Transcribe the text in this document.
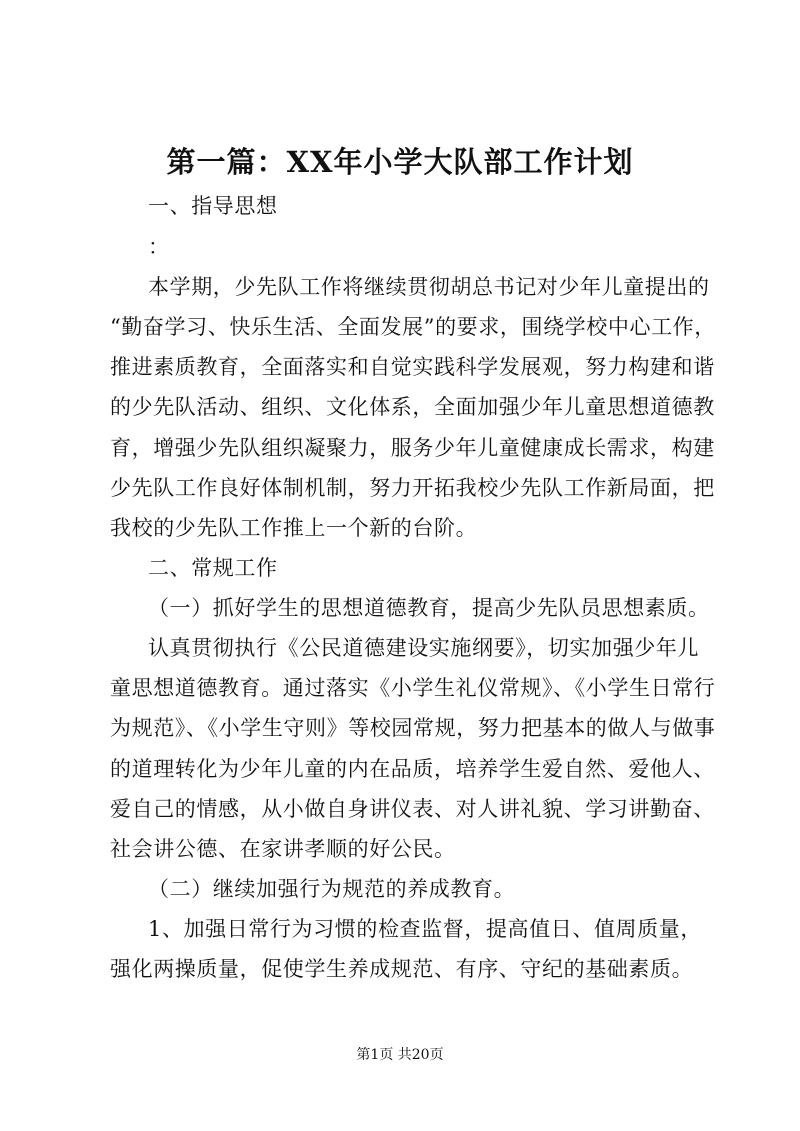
第一篇：XX年小学大队部工作计划
一、指导思想
：
本学期，少先队工作将继续贯彻胡总书记对少年儿童提出的
“勤奋学习、快乐生活、全面发展”的要求，围绕学校中心工作，
推进素质教育，全面落实和自觉实践科学发展观，努力构建和谐
的少先队活动、组织、文化体系，全面加强少年儿童思想道德教
育，增强少先队组织凝聚力，服务少年儿童健康成长需求，构建
少先队工作良好体制机制，努力开拓我校少先队工作新局面，把
我校的少先队工作推上一个新的台阶。
二、常规工作
（一）抓好学生的思想道德教育，提高少先队员思想素质。
认真贯彻执行《公民道德建设实施纲要》，切实加强少年儿
童思想道德教育。通过落实《小学生礼仪常规》、《小学生日常行
为规范》、《小学生守则》等校园常规，努力把基本的做人与做事
的道理转化为少年儿童的内在品质，培养学生爱自然、爱他人、
爱自己的情感，从小做自身讲仪表、对人讲礼貌、学习讲勤奋、
社会讲公德、在家讲孝顺的好公民。
（二）继续加强行为规范的养成教育。
1、加强日常行为习惯的检查监督，提高值日、值周质量，
强化两操质量，促使学生养成规范、有序、守纪的基础素质。
第1页 共20页
